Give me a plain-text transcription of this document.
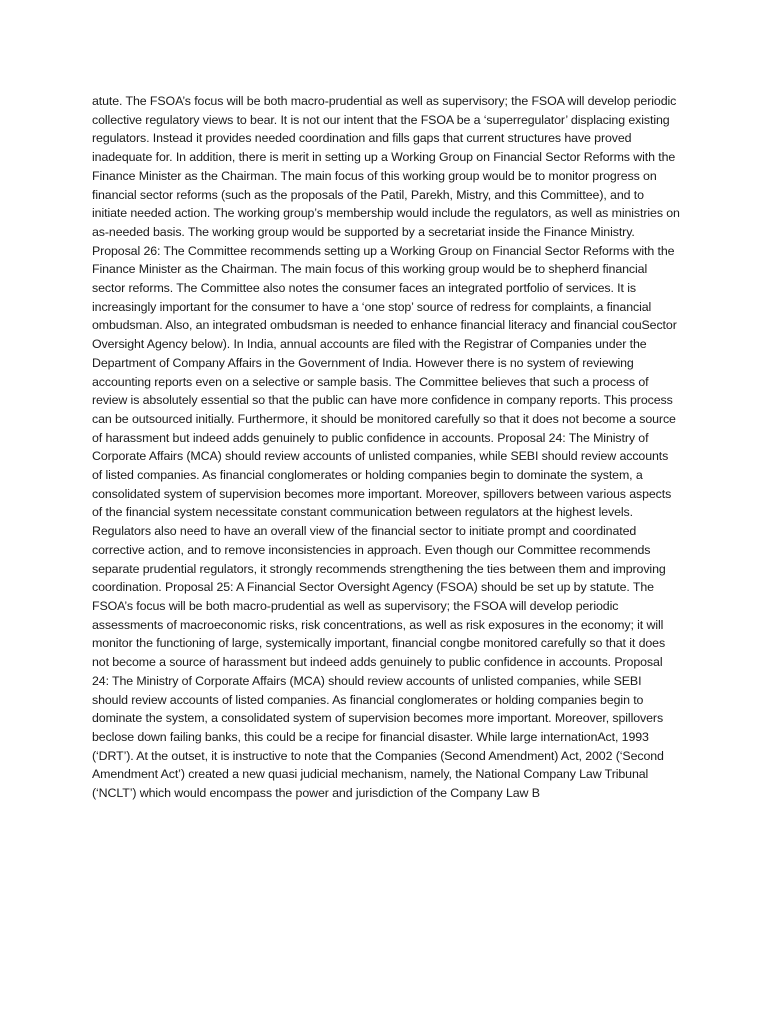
atute. The FSOA’s focus will be both macro-prudential as well as supervisory; the FSOA will develop periodic collective regulatory views to bear. It is not our intent that the FSOA be a ‘superregulator’ displacing existing regulators. Instead it provides needed coordination and fills gaps that current structures have proved inadequate for. In addition, there is merit in setting up a Working Group on Financial Sector Reforms with the Finance Minister as the Chairman. The main focus of this working group would be to monitor progress on financial sector reforms (such as the proposals of the Patil, Parekh, Mistry, and this Committee), and to initiate needed action. The working group’s membership would include the regulators, as well as ministries on as-needed basis. The working group would be supported by a secretariat inside the Finance Ministry. Proposal 26: The Committee recommends setting up a Working Group on Financial Sector Reforms with the Finance Minister as the Chairman. The main focus of this working group would be to shepherd financial sector reforms. The Committee also notes the consumer faces an integrated portfolio of services. It is increasingly important for the consumer to have a ‘one stop’ source of redress for complaints, a financial ombudsman. Also, an integrated ombudsman is needed to enhance financial literacy and financial couSector Oversight Agency below). In India, annual accounts are filed with the Registrar of Companies under the Department of Company Affairs in the Government of India. However there is no system of reviewing accounting reports even on a selective or sample basis. The Committee believes that such a process of review is absolutely essential so that the public can have more confidence in company reports. This process can be outsourced initially. Furthermore, it should be monitored carefully so that it does not become a source of harassment but indeed adds genuinely to public confidence in accounts. Proposal 24: The Ministry of Corporate Affairs (MCA) should review accounts of unlisted companies, while SEBI should review accounts of listed companies. As financial conglomerates or holding companies begin to dominate the system, a consolidated system of supervision becomes more important. Moreover, spillovers between various aspects of the financial system necessitate constant communication between regulators at the highest levels. Regulators also need to have an overall view of the financial sector to initiate prompt and coordinated corrective action, and to remove inconsistencies in approach. Even though our Committee recommends separate prudential regulators, it strongly recommends strengthening the ties between them and improving coordination. Proposal 25: A Financial Sector Oversight Agency (FSOA) should be set up by statute. The FSOA’s focus will be both macro-prudential as well as supervisory; the FSOA will develop periodic assessments of macroeconomic risks, risk concentrations, as well as risk exposures in the economy; it will monitor the functioning of large, systemically important, financial congbe monitored carefully so that it does not become a source of harassment but indeed adds genuinely to public confidence in accounts. Proposal 24: The Ministry of Corporate Affairs (MCA) should review accounts of unlisted companies, while SEBI should review accounts of listed companies. As financial conglomerates or holding companies begin to dominate the system, a consolidated system of supervision becomes more important. Moreover, spillovers beclose down failing banks, this could be a recipe for financial disaster. While large internationAct, 1993 (‘DRT’). At the outset, it is instructive to note that the Companies (Second Amendment) Act, 2002 (‘Second Amendment Act’) created a new quasi judicial mechanism, namely, the National Company Law Tribunal (‘NCLT’) which would encompass the power and jurisdiction of the Company Law B
